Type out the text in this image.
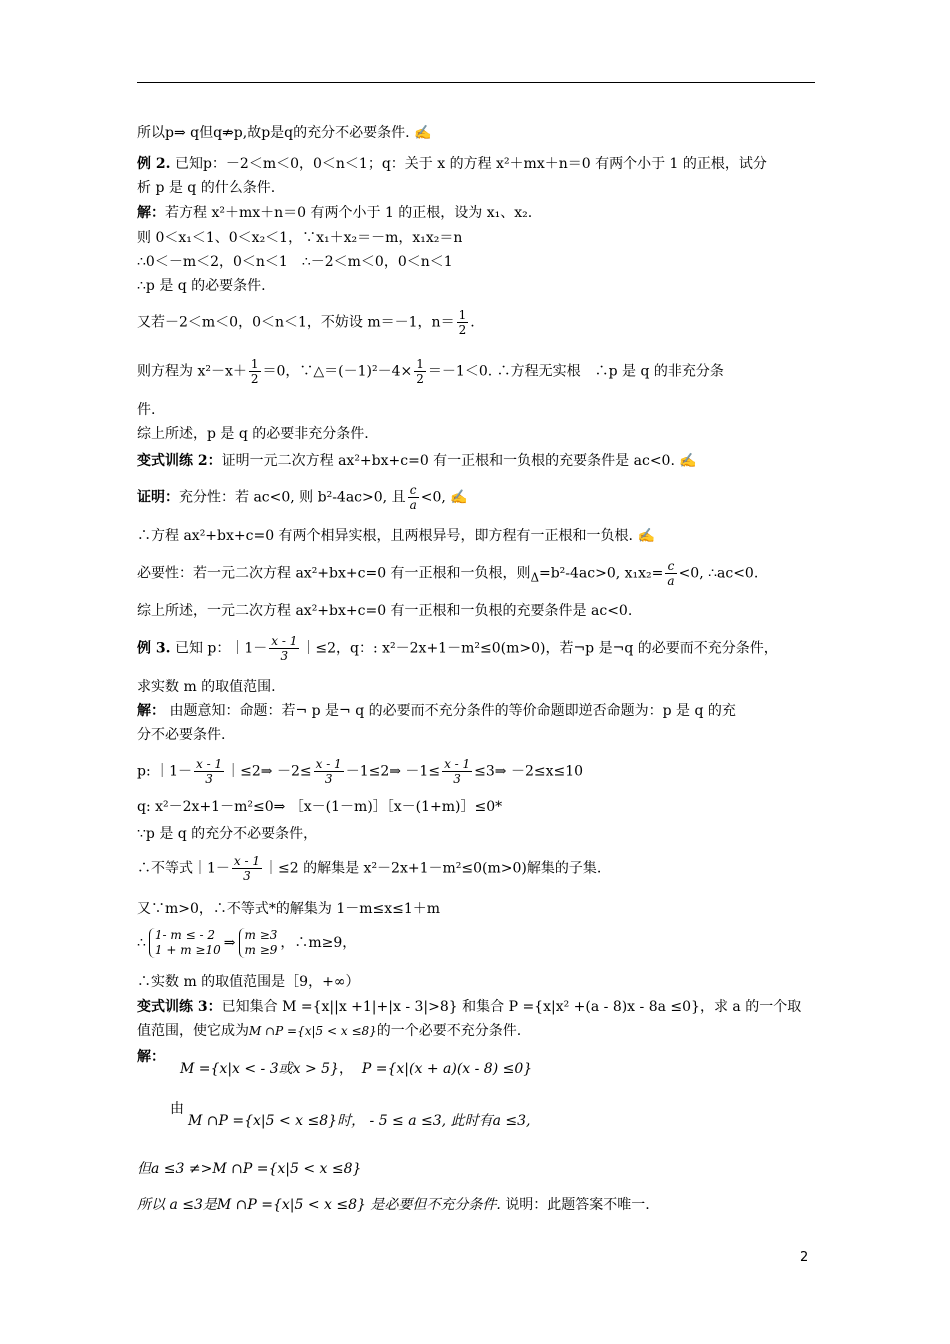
所以p⇒ q但q⇏p,故p是q的充分不必要条件. ✍
例 2. 已知p：－2＜m＜0，0＜n＜1；q：关于 x 的方程 x²＋mx＋n＝0 有两个小于 1 的正根，试分
析 p 是 q 的什么条件.
解：若方程 x²＋mx＋n＝0 有两个小于 1 的正根，设为 x₁、x₂.
则 0＜x₁＜1、0＜x₂＜1，∵x₁＋x₂＝－m，x₁x₂＝n
∴0＜－m＜2，0＜n＜1　∴－2＜m＜0，0＜n＜1
∴p 是 q 的必要条件.
又若－2＜m＜0，0＜n＜1，不妨设 m＝－1，$n= \frac{1}{2}$ .
则方程为 $x^2-x+ \frac{1}{2} =0$，∵△＝(－1)²－4× $\frac{1}{2} =-1<0$. ∴方程无实根　∴p 是 q 的非充分条
件.
综上所述，p 是 q 的必要非充分条件.
变式训练 2：证明一元二次方程 ax²+bx+c=0 有一正根和一负根的充要条件是 ac<0. ✍
证明：充分性：若 ac<0, 则 b²-4ac>0, 且 $\frac{c}{a} <0$, ✍
∴方程 ax²+bx+c=0 有两个相异实根，且两根异号，即方程有一正根和一负根. ✍
必要性：若一元二次方程 ax²+bx+c=0 有一正根和一负根，则$_\Delta$=b²-4ac>0, $x_1x_2= \frac{c}{a} <0$, ∴ac<0.
综上所述，一元二次方程 ax²+bx+c=0 有一正根和一负根的充要条件是 ac<0.
例 3. 已知 p：｜1－ $\frac{x - 1}{3}$ ｜≤2，q：: x²－2x+1－m²≤0(m>0)，若¬p 是¬q 的必要而不充分条件，
求实数 m 的取值范围.
解： 由题意知：命题：若¬ p 是¬ q 的必要而不充分条件的等价命题即逆否命题为：p 是 q 的充
分不必要条件.
p: ｜1－ $\frac{x - 1}{3}$ ｜≤2⇒ $-2\le \frac{x - 1}{3}$ －1≤2⇒ $-1\le \frac{x - 1}{3}$ ≤3⇒ －2≤x≤10
q: x²－2x+1－m²≤0⇒ ［x－(1－m)］［x－(1+m)］≤0*
∵p 是 q 的充分不必要条件，
∴不等式｜1－ $\frac{x - 1}{3}$ ｜≤2 的解集是 x²－2x+1－m²≤0(m>0)解集的子集.
又∵m>0，∴不等式*的解集为 1－m≤x≤1＋m
∴ 1- m ≤ - 2
1 + m ≥10 ⇒ m ≥3
m ≥9 ，∴m≥9，
∴实数 m 的取值范围是［9，+∞）
变式训练 3：已知集合 M ={x||x +1|+|x - 3|>8} 和集合 P ={x|x² +(a - 8)x - 8a ≤0}，求 a 的一个取
值范围，使它成为M ∩P ={x|5 < x ≤8}的一个必要不充分条件.
解：
M ={x|x < - 3或x > 5}， P ={x|(x + a)(x - 8) ≤0}
由
M ∩P ={x|5 < x ≤8}时， - 5 ≤ a ≤3, 此时有a ≤3,
但a ≤3 ≠>M ∩P ={x|5 < x ≤8}
所以 a ≤3是M ∩P ={x|5 < x ≤8} 是必要但不充分条件. 说明：此题答案不唯一.
2
